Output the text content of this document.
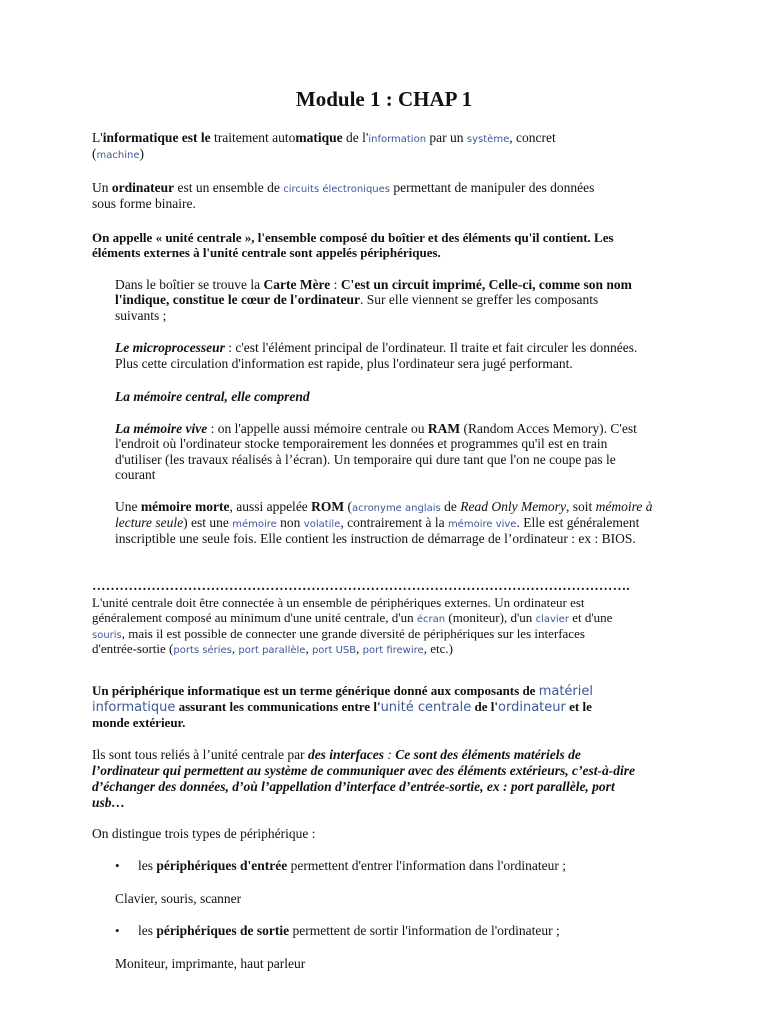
Module 1 : CHAP 1

L'informatique est le traitement automatique de l'information par un système, concret

(machine)

Un ordinateur est un ensemble de circuits électroniques permettant de manipuler des données

sous forme binaire.

On appelle « unité centrale », l'ensemble composé du boîtier et des éléments qu'il contient. Les

éléments externes à l'unité centrale sont appelés périphériques.

Dans le boîtier se trouve la Carte Mère : C'est un circuit imprimé, Celle-ci, comme son nom

l'indique, constitue le cœur de l'ordinateur. Sur elle viennent se greffer les composants

suivants ;

Le microprocesseur : c'est l'élément principal de l'ordinateur. Il traite et fait circuler les données.

Plus cette circulation d'information est rapide, plus l'ordinateur sera jugé performant.

La mémoire central, elle comprend

La mémoire vive : on l'appelle aussi mémoire centrale ou RAM (Random Acces Memory). C'est

l'endroit où l'ordinateur stocke temporairement les données et programmes qu'il est en train

d'utiliser (les travaux réalisés à l’écran). Un temporaire qui dure tant que l'on ne coupe pas le

courant

Une mémoire morte, aussi appelée ROM (acronyme anglais de Read Only Memory, soit mémoire à

lecture seule) est une mémoire non volatile, contrairement à la mémoire vive. Elle est généralement

inscriptible une seule fois. Elle contient les instruction de démarrage de l’ordinateur : ex : BIOS.

……………………………………………………………………………………………………….

L'unité centrale doit être connectée à un ensemble de périphériques externes. Un ordinateur est

généralement composé au minimum d'une unité centrale, d'un écran (moniteur), d'un clavier et d'une

souris, mais il est possible de connecter une grande diversité de périphériques sur les interfaces

d'entrée-sortie (ports séries, port parallèle, port USB, port firewire, etc.)

Un périphérique informatique est un terme générique donné aux composants de matériel

informatique assurant les communications entre l'unité centrale de l'ordinateur et le

monde extérieur.

Ils sont tous reliés à l’unité centrale par des interfaces : Ce sont des éléments matériels de

l’ordinateur qui permettent au système de communiquer avec des éléments extérieurs, c’est-à-dire

d’échanger des données, d’où l’appellation d’interface d’entrée-sortie, ex : port parallèle, port

usb…

On distingue trois types de périphérique :

• les périphériques d'entrée permettent d'entrer l'information dans l'ordinateur ;

Clavier, souris, scanner

• les périphériques de sortie permettent de sortir l'information de l'ordinateur ;

Moniteur, imprimante, haut parleur
